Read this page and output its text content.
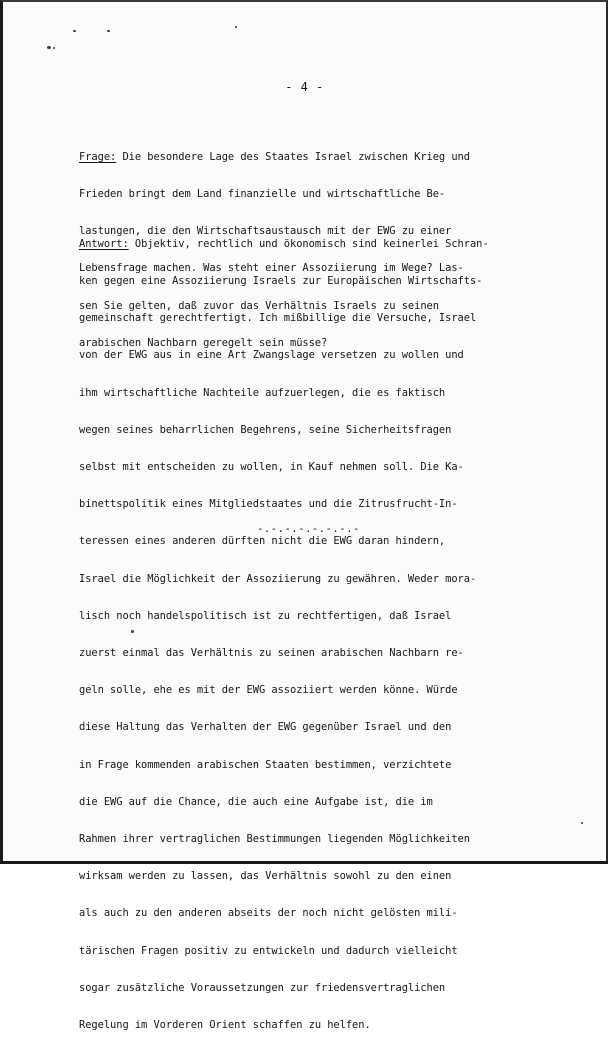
- 4 -

Frage: Die besondere Lage des Staates Israel zwischen Krieg und

Frieden bringt dem Land finanzielle und wirtschaftliche Be-

lastungen, die den Wirtschaftsaustausch mit der EWG zu einer

Lebensfrage machen. Was steht einer Assoziierung im Wege? Las-

sen Sie gelten, daß zuvor das Verhältnis Israels zu seinen

arabischen Nachbarn geregelt sein müsse?

Antwort: Objektiv, rechtlich und ökonomisch sind keinerlei Schran-

ken gegen eine Assoziierung Israels zur Europäischen Wirtschafts-

gemeinschaft gerechtfertigt. Ich mißbillige die Versuche, Israel

von der EWG aus in eine Art Zwangslage versetzen zu wollen und

ihm wirtschaftliche Nachteile aufzuerlegen, die es faktisch

wegen seines beharrlichen Begehrens, seine Sicherheitsfragen

selbst mit entscheiden zu wollen, in Kauf nehmen soll. Die Ka-

binettspolitik eines Mitgliedstaates und die Zitrusfrucht-In-

teressen eines anderen dürften nicht die EWG daran hindern,

Israel die Möglichkeit der Assoziierung zu gewähren. Weder mora-

lisch noch handelspolitisch ist zu rechtfertigen, daß Israel

zuerst einmal das Verhältnis zu seinen arabischen Nachbarn re-

geln solle, ehe es mit der EWG assoziiert werden könne. Würde

diese Haltung das Verhalten der EWG gegenüber Israel und den

in Frage kommenden arabischen Staaten bestimmen, verzichtete

die EWG auf die Chance, die auch eine Aufgabe ist, die im

Rahmen ihrer vertraglichen Bestimmungen liegenden Möglichkeiten

wirksam werden zu lassen, das Verhältnis sowohl zu den einen

als auch zu den anderen abseits der noch nicht gelösten mili-

tärischen Fragen positiv zu entwickeln und dadurch vielleicht

sogar zusätzliche Voraussetzungen zur friedensvertraglichen

Regelung im Vorderen Orient schaffen zu helfen.

-.-.-.-.-.-.-.-
